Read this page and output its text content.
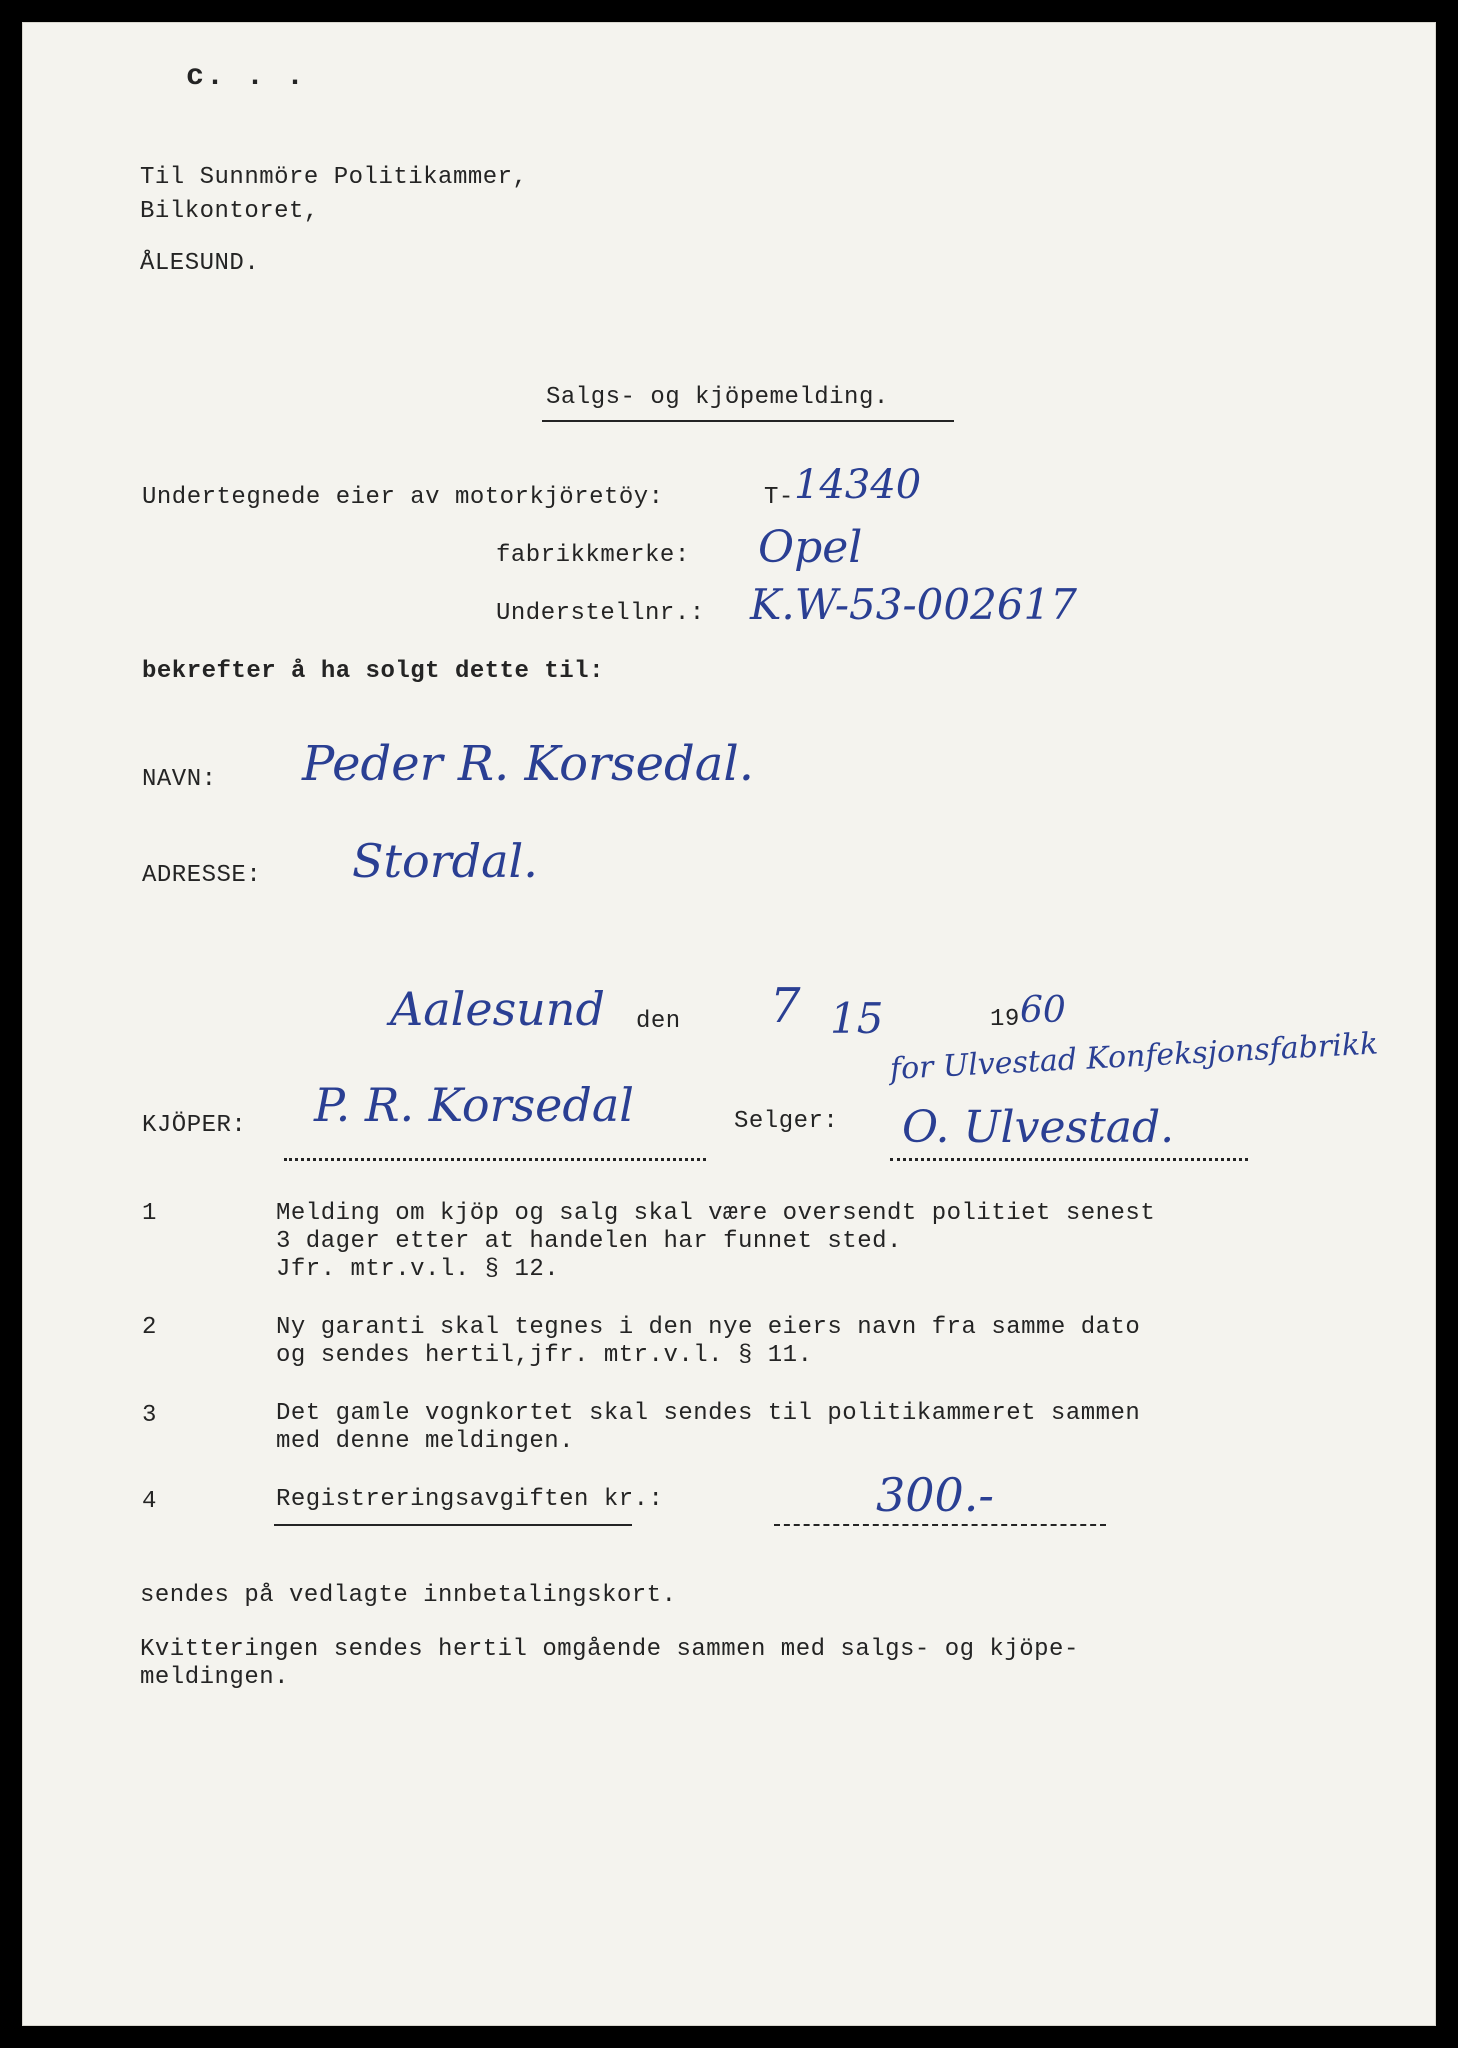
c. . .
Til Sunnmöre Politikammer,
Bilkontoret,
ÅLESUND.
Salgs- og kjöpemelding.
Undertegnede eier av motorkjöretöy:	T- 14340
fabrikkmerke: Opel
Understellnr.: K.W-53-002617
bekrefter å ha solgt dette til:
NAVN: Peder R. Korsedal.
ADRESSE: Stordal.
Aalesund den 7 15	19 60
KJÖPER: P. R. Korsedal	Selger:
for Ulvestad Konfeksjonsfabrikk
O. Ulvestad.
1	Melding om kjöp og salg skal være oversendt politiet senest
3 dager etter at handelen har funnet sted.
Jfr. mtr.v.l. § 12.
2	Ny garanti skal tegnes i den nye eiers navn fra samme dato
og sendes hertil,jfr. mtr.v.l. § 11.
3	Det gamle vognkortet skal sendes til politikammeret sammen
med denne meldingen.
4	Registreringsavgiften kr.:	300.-
sendes på vedlagte innbetalingskort.
Kvitteringen sendes hertil omgående sammen med salgs- og kjöpe-
meldingen.
